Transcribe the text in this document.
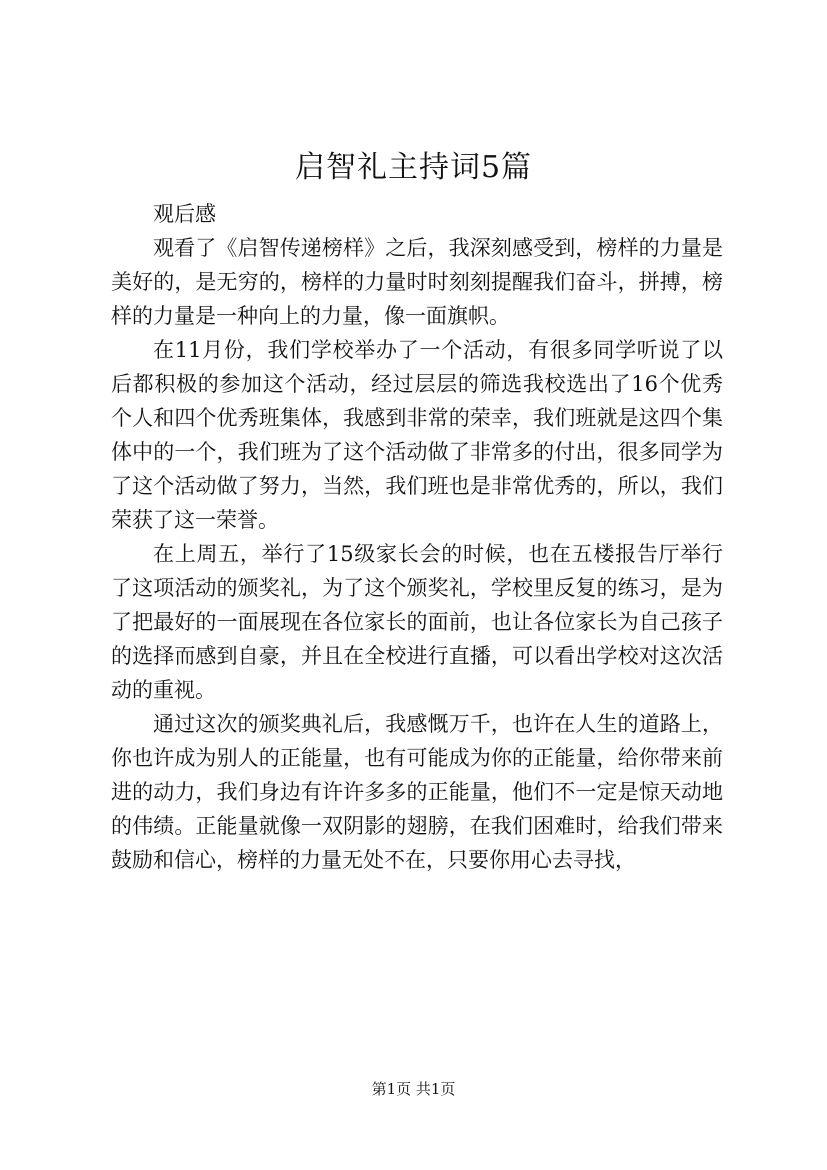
启智礼主持词5篇

观后感

观看了《启智传递榜样》之后，我深刻感受到，榜样的力量是美好的，是无穷的，榜样的力量时时刻刻提醒我们奋斗，拼搏，榜样的力量是一种向上的力量，像一面旗帜。

在11月份，我们学校举办了一个活动，有很多同学听说了以后都积极的参加这个活动，经过层层的筛选我校选出了16个优秀个人和四个优秀班集体，我感到非常的荣幸，我们班就是这四个集体中的一个，我们班为了这个活动做了非常多的付出，很多同学为了这个活动做了努力，当然，我们班也是非常优秀的，所以，我们荣获了这一荣誉。

在上周五，举行了15级家长会的时候，也在五楼报告厅举行了这项活动的颁奖礼，为了这个颁奖礼，学校里反复的练习，是为了把最好的一面展现在各位家长的面前，也让各位家长为自己孩子的选择而感到自豪，并且在全校进行直播，可以看出学校对这次活动的重视。

通过这次的颁奖典礼后，我感慨万千，也许在人生的道路上，你也许成为别人的正能量，也有可能成为你的正能量，给你带来前进的动力，我们身边有许许多多的正能量，他们不一定是惊天动地的伟绩。正能量就像一双阴影的翅膀，在我们困难时，给我们带来鼓励和信心，榜样的力量无处不在，只要你用心去寻找，

第1页 共1页
